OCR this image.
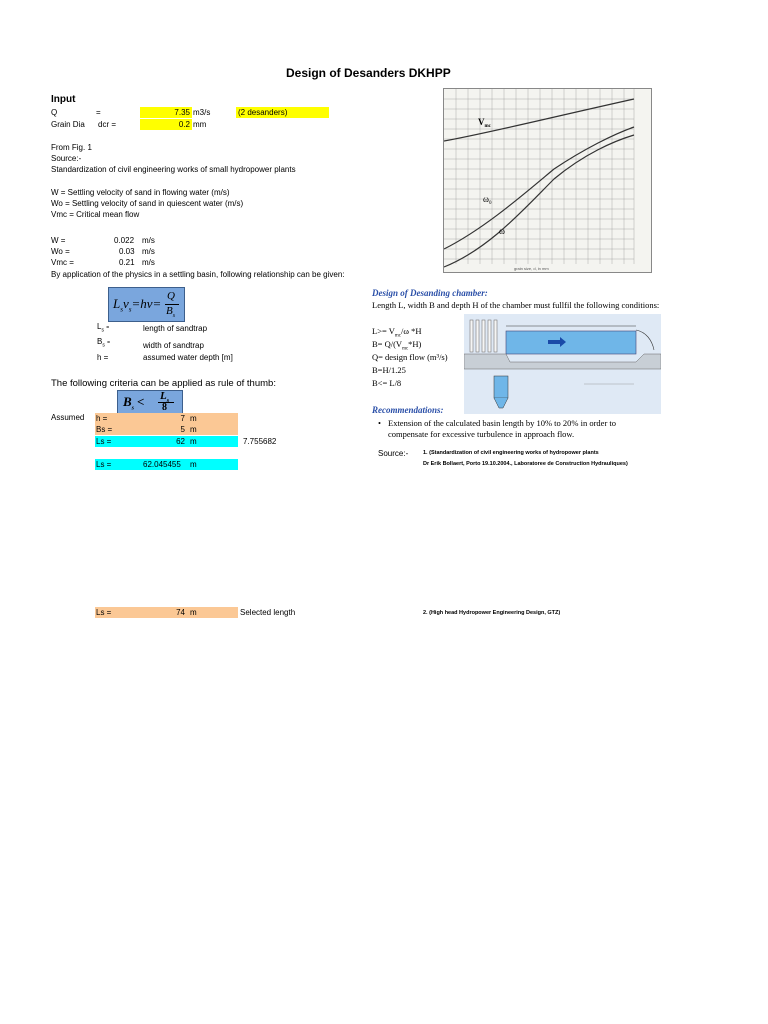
Design of Desanders DKHPP
Input
Q	=	7.35 m3/s	(2 desanders)
Grain Dia dcr =	0.2 mm
From Fig. 1
Source:-
Standardization of civil engineering works of small hydropower plants
W = Settling velocity of sand in flowing water (m/s)
Wo = Settling velocity of sand in quiescent water (m/s)
Vmc = Critical mean flow
W =	0.022 m/s
Wo =	0.03 m/s
Vmc =	0.21 m/s
By application of the physics in a settling basin, following relationship can be given:
$L_sv_s=hv= Q$
$B_s$
$L_s$ =	length of sandtrap
$B_s$ =	width of sandtrap
h =	assumed water depth [m]
The following criteria can be applied as rule of thumb:
$B_s < L_s$
8
Assumed h =	7 m
Bs =	5 m
Ls =	62 m	7.755682
Ls =	62.045455 m
Ls =	74 m	Selected length
$V_{mc}$
$\omega_0$
ω
grain size, d, in mm
Design of Desanding chamber:
Length L, width B and depth H of the chamber must fullfil the following conditions:
$L>= V_{mc}/\omega$ *H
$B= Q/(V_{mc}*H)$
Q= design flow (m³/s)
B=H/1.25
B<= L/8
Recommendations:
• Extension of the calculated basin length by 10% to 20% in order to
compensate for excessive turbulence in approach flow.
Source:-	1. (Standardization of civil engineering works of hydropower plants
Dr Erik Bollaert, Porto 19.10.2004., Laboratoree de Construction Hydrauliques)
2. (High head Hydropower Engineering Design, GTZ)
